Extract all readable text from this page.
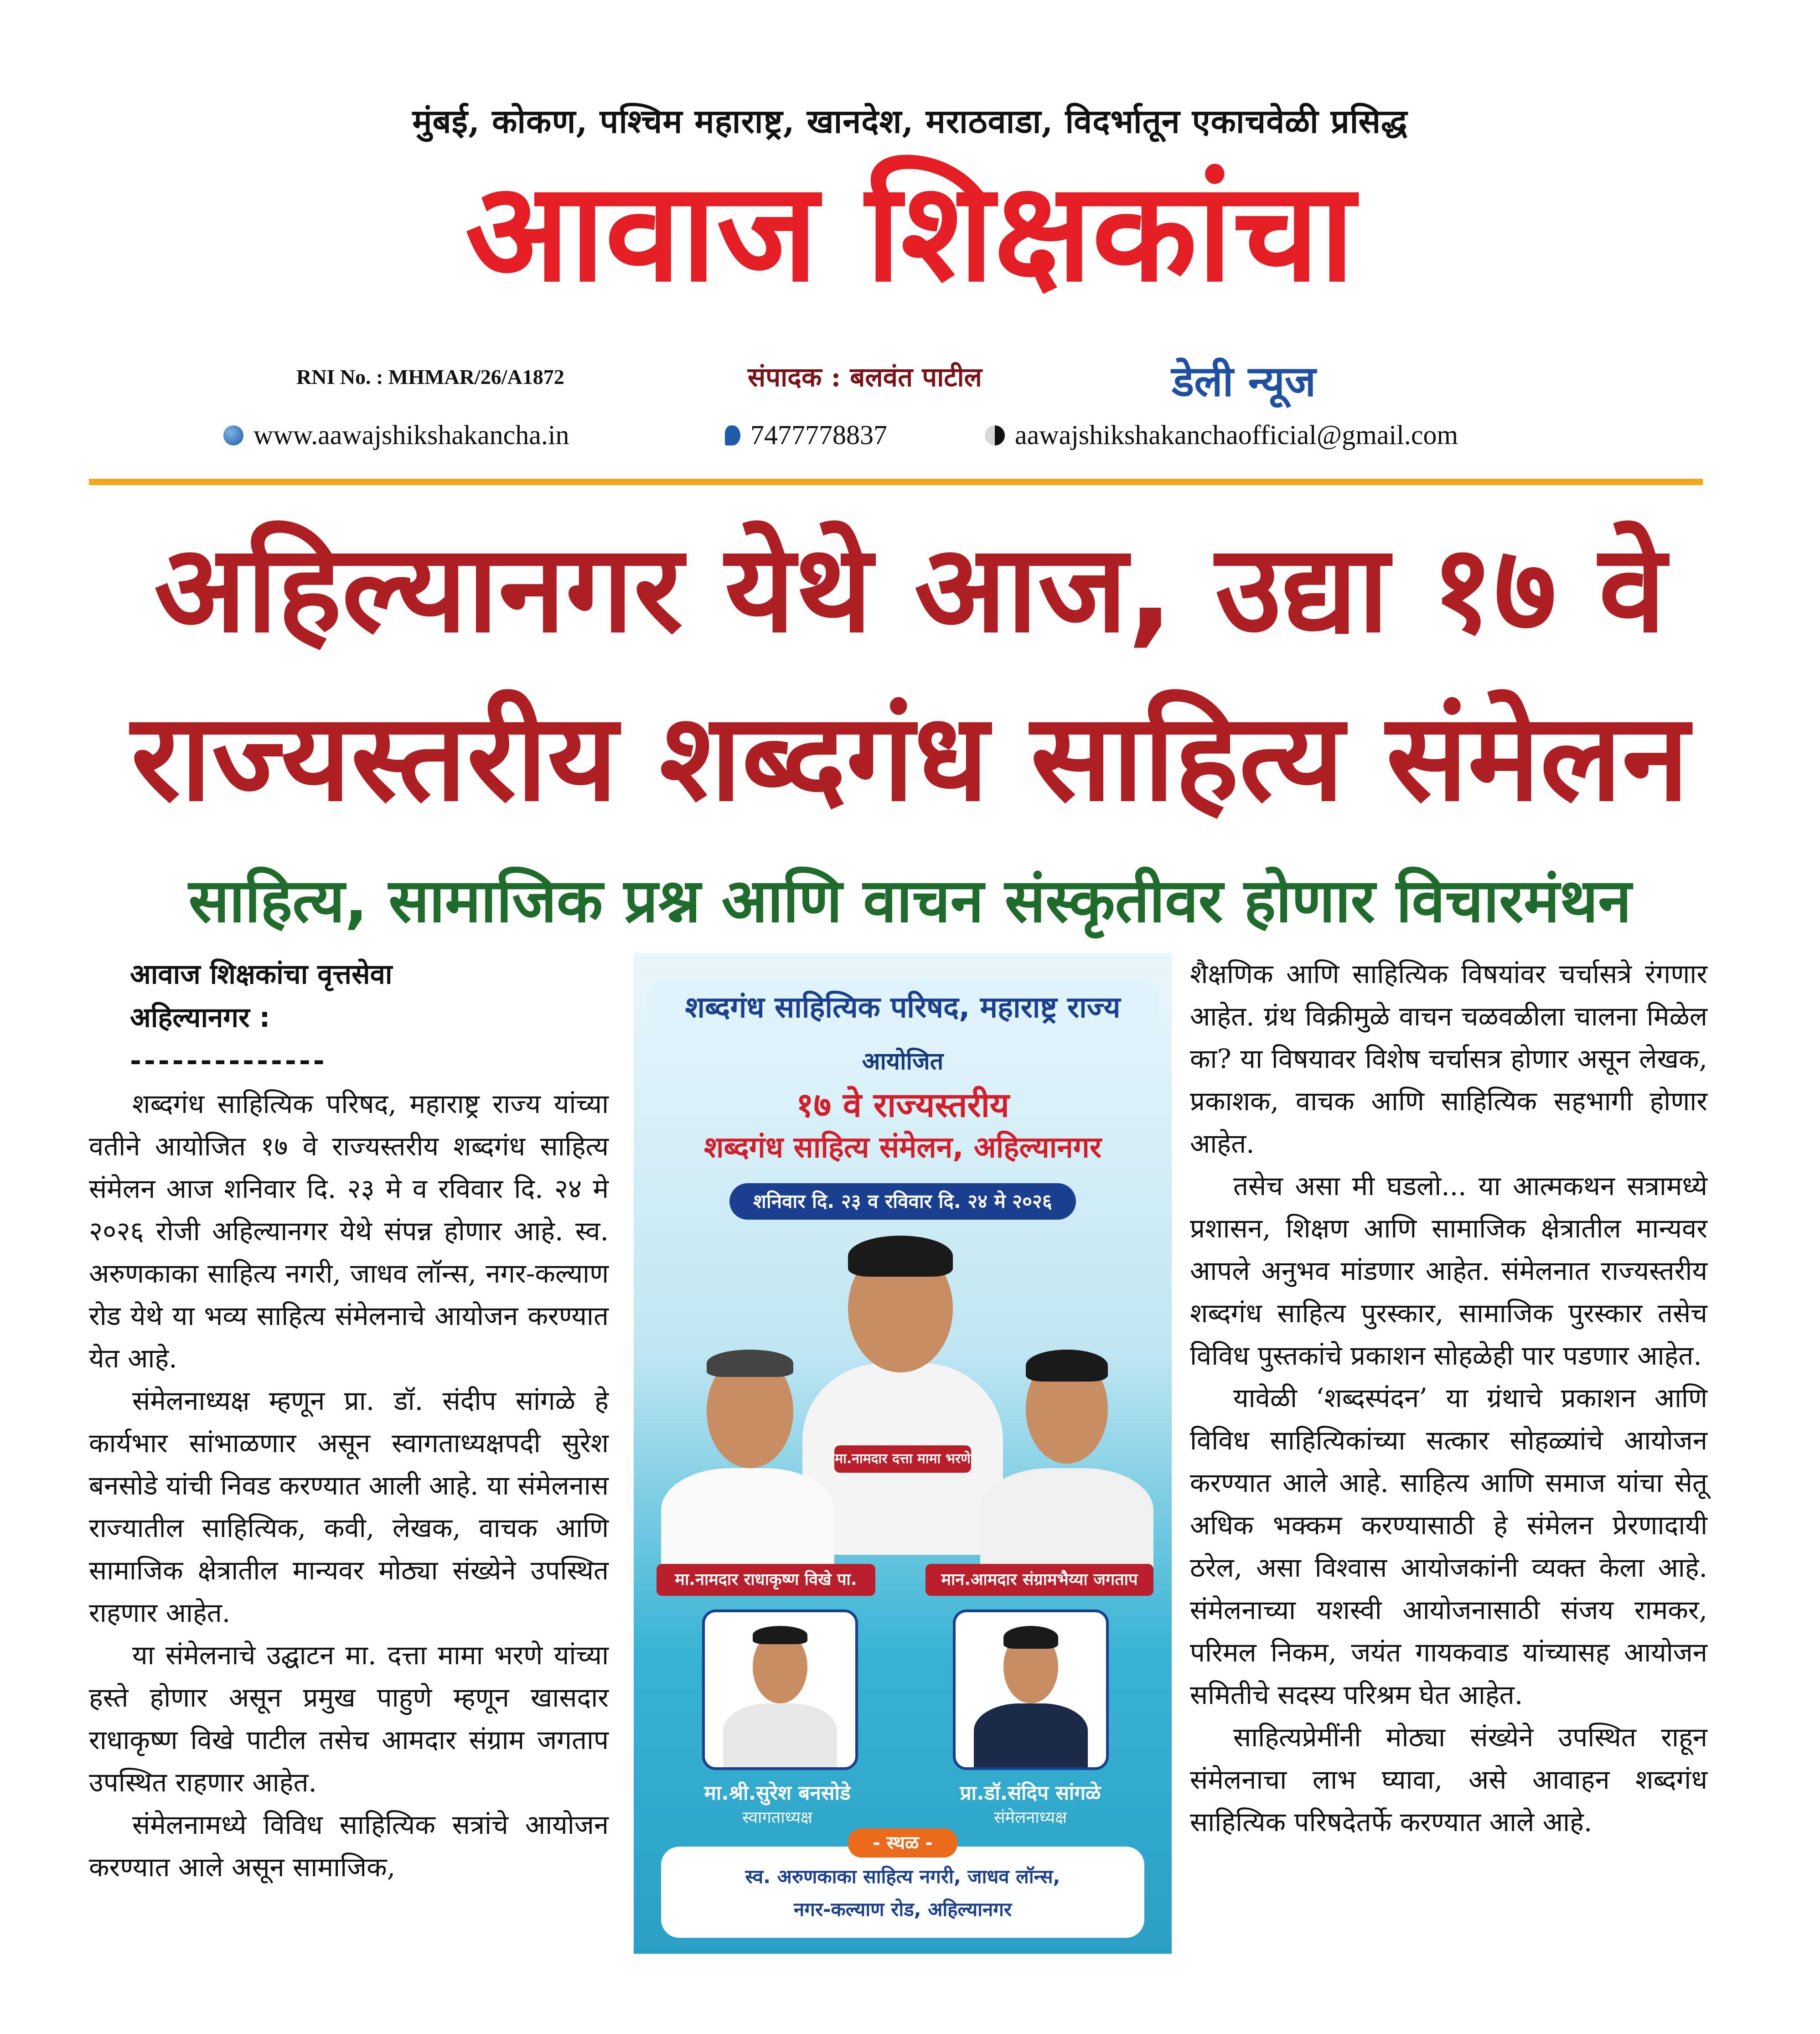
मुंबई, कोकण, पश्चिम महाराष्ट्र, खानदेश, मराठवाडा, विदर्भातून एकाचवेळी प्रसिद्ध
आवाज शिक्षकांचा
RNI No. : MHMAR/26/A1872	संपादक : बलवंत पाटील	डेली न्यूज
www.aawajshikshakancha.in	7477778837	aawajshikshakanchaofficial@gmail.com
अहिल्यानगर येथे आज, उद्या १७ वे
राज्यस्तरीय शब्दगंध साहित्य संमेलन
साहित्य, सामाजिक प्रश्न आणि वाचन संस्कृतीवर होणार विचारमंथन
आवाज शिक्षकांचा वृत्तसेवा
अहिल्यानगर :
--------------

शब्दगंध साहित्यिक परिषद, महाराष्ट्र राज्य यांच्या वतीने आयोजित १७ वे राज्यस्तरीय शब्दगंध साहित्य संमेलन आज शनिवार दि. २३ मे व रविवार दि. २४ मे २०२६ रोजी अहिल्यानगर येथे संपन्न होणार आहे. स्व. अरुणकाका साहित्य नगरी, जाधव लॉन्स, नगर-कल्याण रोड येथे या भव्य साहित्य संमेलनाचे आयोजन करण्यात येत आहे.

संमेलनाध्यक्ष म्हणून प्रा. डॉ. संदीप सांगळे हे कार्यभार सांभाळणार असून स्वागताध्यक्षपदी सुरेश बनसोडे यांची निवड करण्यात आली आहे. या संमेलनास राज्यातील साहित्यिक, कवी, लेखक, वाचक आणि सामाजिक क्षेत्रातील मान्यवर मोठ्या संख्येने उपस्थित राहणार आहेत.

या संमेलनाचे उद्घाटन मा. दत्ता मामा भरणे यांच्या हस्ते होणार असून प्रमुख पाहुणे म्हणून खासदार राधाकृष्ण विखे पाटील तसेच आमदार संग्राम जगताप उपस्थित राहणार आहेत.

संमेलनामध्ये विविध साहित्यिक सत्रांचे आयोजन करण्यात आले असून सामाजिक,

शब्दगंध साहित्यिक परिषद, महाराष्ट्र राज्य
आयोजित
१७ वे राज्यस्तरीय
शब्दगंध साहित्य संमेलन, अहिल्यानगर
शनिवार दि. २३ व रविवार दि. २४ मे २०२६
मा.नामदार दत्ता मामा भरणे
मा.नामदार राधाकृष्ण विखे पा.	मान.आमदार संग्रामभैय्या जगताप
मा.श्री.सुरेश बनसोडे
स्वागताध्यक्ष
प्रा.डॉ.संदिप सांगळे
संमेलनाध्यक्ष
स्व. अरुणकाका साहित्य नगरी, जाधव लॉन्स,
नगर-कल्याण रोड, अहिल्यानगर
- स्थळ -

शैक्षणिक आणि साहित्यिक विषयांवर चर्चासत्रे रंगणार आहेत. ग्रंथ विक्रीमुळे वाचन चळवळीला चालना मिळेल का? या विषयावर विशेष चर्चासत्र होणार असून लेखक, प्रकाशक, वाचक आणि साहित्यिक सहभागी होणार आहेत.

तसेच असा मी घडलो... या आत्मकथन सत्रामध्ये प्रशासन, शिक्षण आणि सामाजिक क्षेत्रातील मान्यवर आपले अनुभव मांडणार आहेत. संमेलनात राज्यस्तरीय शब्दगंध साहित्य पुरस्कार, सामाजिक पुरस्कार तसेच विविध पुस्तकांचे प्रकाशन सोहळेही पार पडणार आहेत.

यावेळी ‘शब्दस्पंदन’ या ग्रंथाचे प्रकाशन आणि विविध साहित्यिकांच्या सत्कार सोहळ्यांचे आयोजन करण्यात आले आहे. साहित्य आणि समाज यांचा सेतू अधिक भक्कम करण्यासाठी हे संमेलन प्रेरणादायी ठरेल, असा विश्वास आयोजकांनी व्यक्त केला आहे. संमेलनाच्या यशस्वी आयोजनासाठी संजय रामकर, परिमल निकम, जयंत गायकवाड यांच्यासह आयोजन समितीचे सदस्य परिश्रम घेत आहेत.

साहित्यप्रेमींनी मोठ्या संख्येने उपस्थित राहून संमेलनाचा लाभ घ्यावा, असे आवाहन शब्दगंध साहित्यिक परिषदेतर्फे करण्यात आले आहे.
